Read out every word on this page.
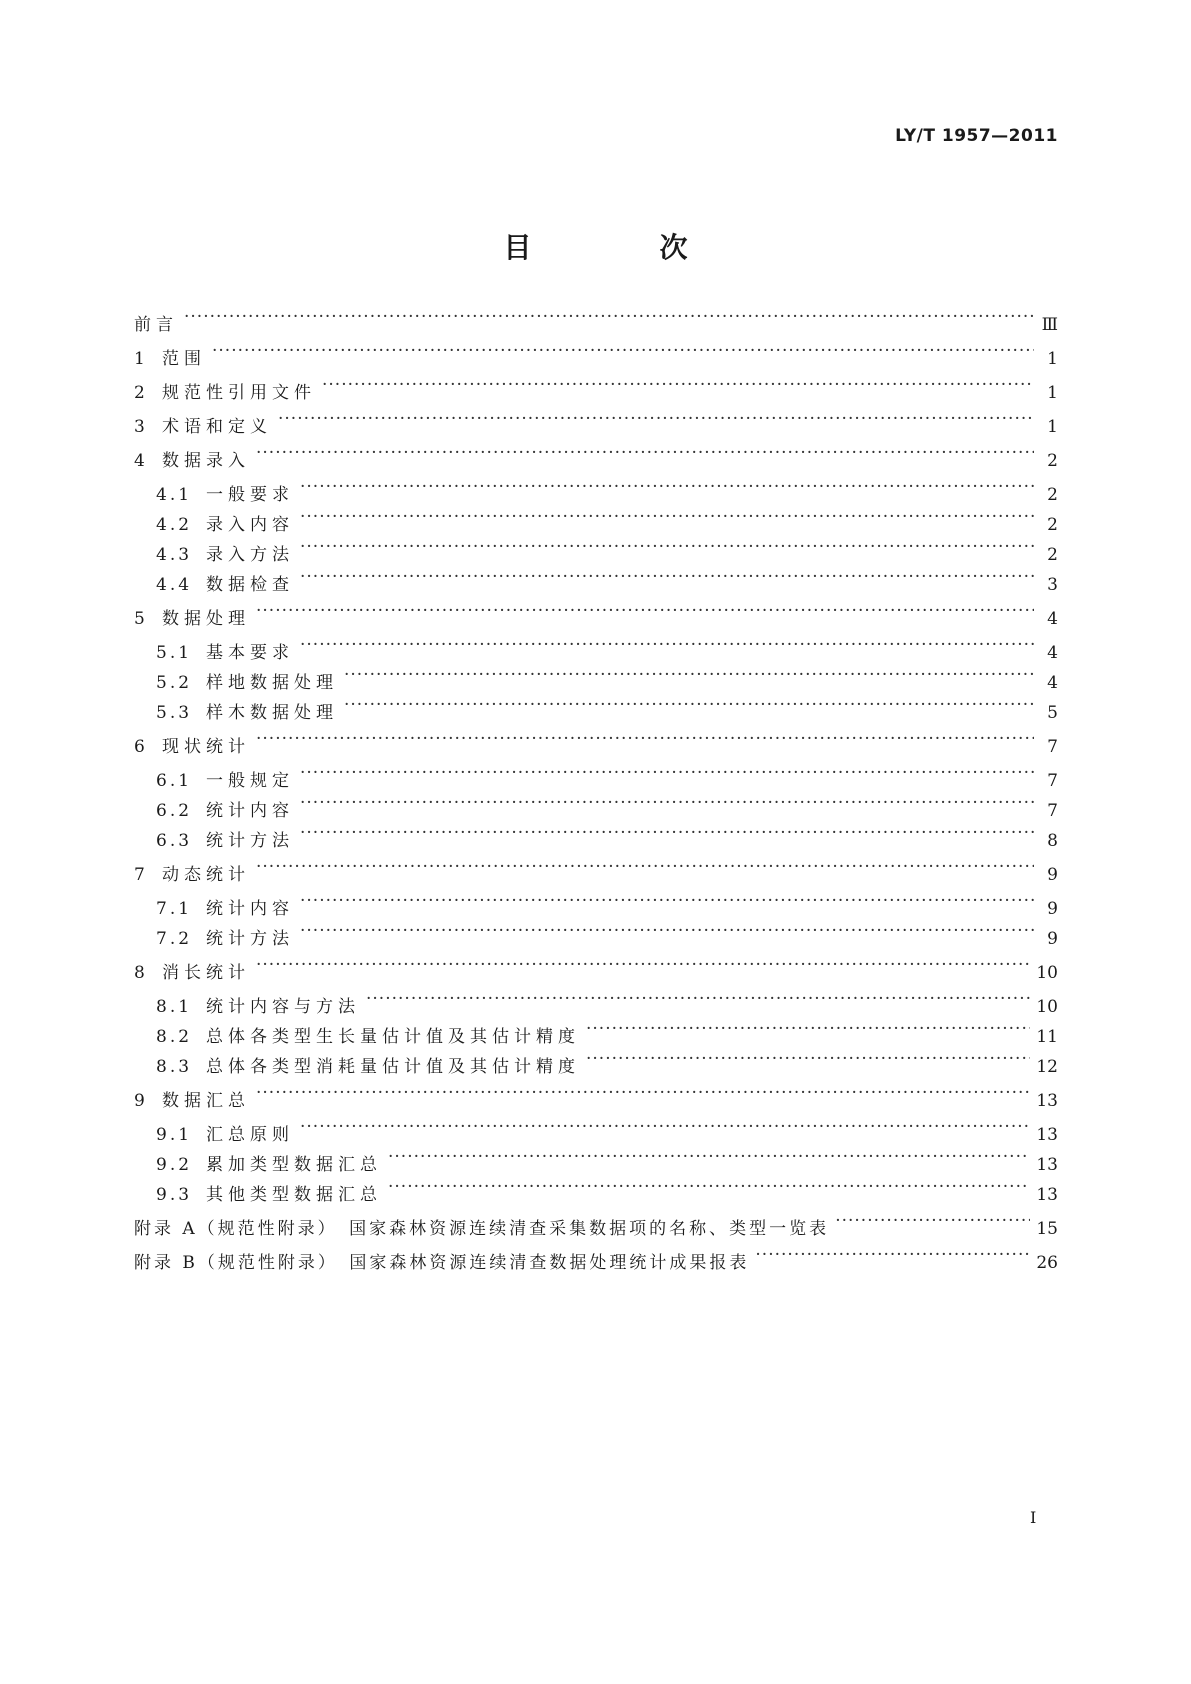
LY/T 1957—2011
目　次
前言 ·····	Ⅲ
1	范围 ·····	1
2	规范性引用文件 ·····	1
3	术语和定义 ·····	1
4	数据录入 ·····	2
4.1 一般要求 ·····	2
4.2 录入内容 ·····	2
4.3 录入方法 ·····	2
4.4 数据检查 ·····	3
5	数据处理 ·····	4
5.1 基本要求 ·····	4
5.2 样地数据处理 ·····	4
5.3 样木数据处理 ·····	5
6	现状统计 ·····	7
6.1 一般规定 ·····	7
6.2 统计内容 ·····	7
6.3 统计方法 ·····	8
7	动态统计 ·····	9
7.1 统计内容 ·····	9
7.2 统计方法 ·····	9
8	消长统计 ·····	10
8.1 统计内容与方法 ·····	10
8.2 总体各类型生长量估计值及其估计精度 ·····	11
8.3 总体各类型消耗量估计值及其估计精度 ·····	12
9	数据汇总 ·····	13
9.1 汇总原则 ·····	13
9.2 累加类型数据汇总 ·····	13
9.3 其他类型数据汇总 ·····	13
附录 A（规范性附录）　国家森林资源连续清查采集数据项的名称、类型一览表 ·····	15
附录 B（规范性附录）　国家森林资源连续清查数据处理统计成果报表 ·····	26
I
